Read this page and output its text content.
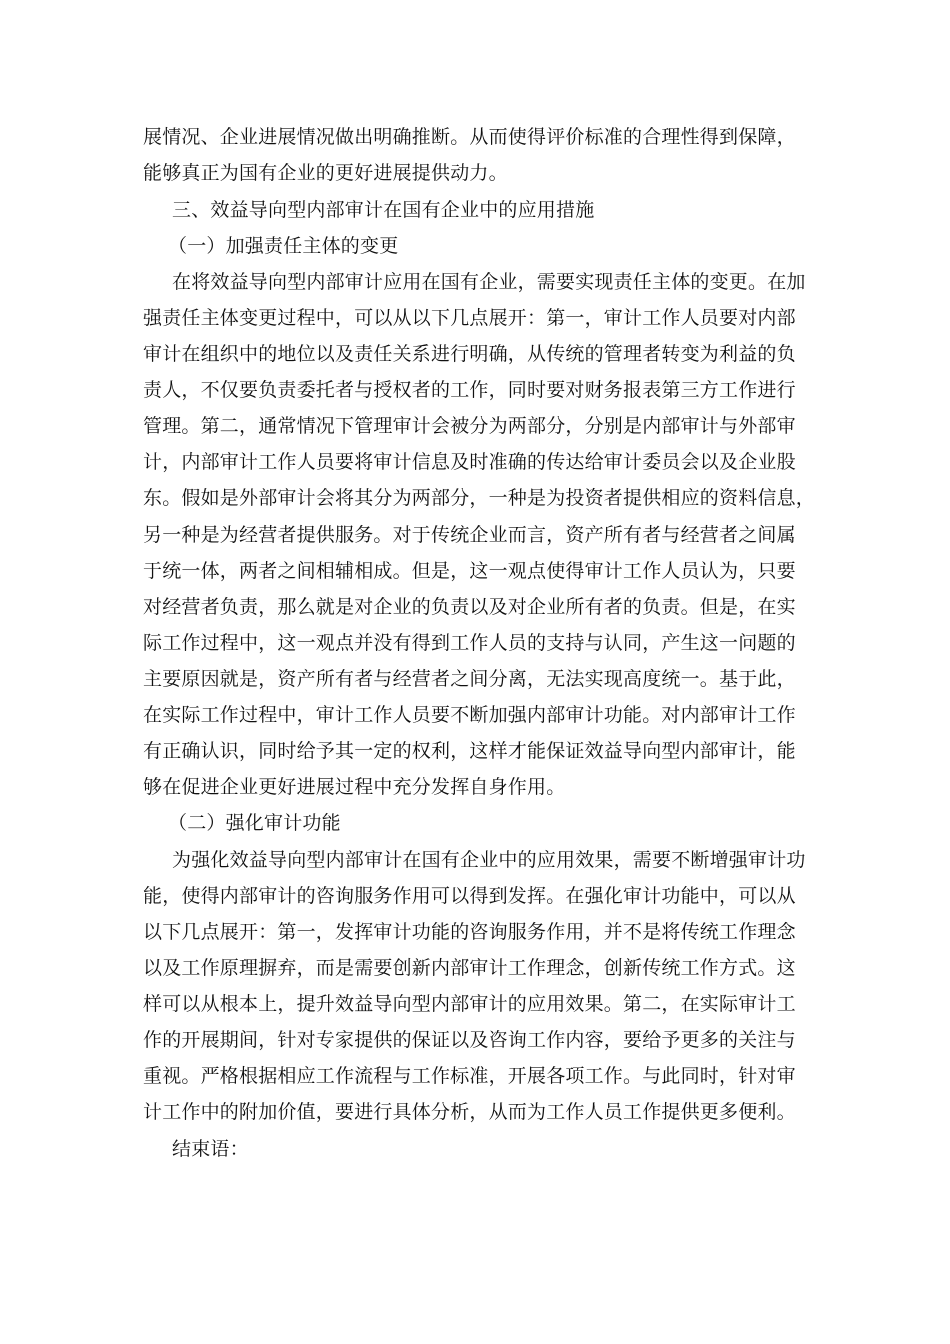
展情况、企业进展情况做出明确推断。从而使得评价标准的合理性得到保障，
能够真正为国有企业的更好进展提供动力。
三、效益导向型内部审计在国有企业中的应用措施
（一）加强责任主体的变更
在将效益导向型内部审计应用在国有企业，需要实现责任主体的变更。在加
强责任主体变更过程中，可以从以下几点展开：第一，审计工作人员要对内部
审计在组织中的地位以及责任关系进行明确，从传统的管理者转变为利益的负
责人，不仅要负责委托者与授权者的工作，同时要对财务报表第三方工作进行
管理。第二，通常情况下管理审计会被分为两部分，分别是内部审计与外部审
计，内部审计工作人员要将审计信息及时准确的传达给审计委员会以及企业股
东。假如是外部审计会将其分为两部分，一种是为投资者提供相应的资料信息，
另一种是为经营者提供服务。对于传统企业而言，资产所有者与经营者之间属
于统一体，两者之间相辅相成。但是，这一观点使得审计工作人员认为，只要
对经营者负责，那么就是对企业的负责以及对企业所有者的负责。但是，在实
际工作过程中，这一观点并没有得到工作人员的支持与认同，产生这一问题的
主要原因就是，资产所有者与经营者之间分离，无法实现高度统一。基于此，
在实际工作过程中，审计工作人员要不断加强内部审计功能。对内部审计工作
有正确认识，同时给予其一定的权利，这样才能保证效益导向型内部审计，能
够在促进企业更好进展过程中充分发挥自身作用。
（二）强化审计功能
为强化效益导向型内部审计在国有企业中的应用效果，需要不断增强审计功
能，使得内部审计的咨询服务作用可以得到发挥。在强化审计功能中，可以从
以下几点展开：第一，发挥审计功能的咨询服务作用，并不是将传统工作理念
以及工作原理摒弃，而是需要创新内部审计工作理念，创新传统工作方式。这
样可以从根本上，提升效益导向型内部审计的应用效果。第二，在实际审计工
作的开展期间，针对专家提供的保证以及咨询工作内容，要给予更多的关注与
重视。严格根据相应工作流程与工作标准，开展各项工作。与此同时，针对审
计工作中的附加价值，要进行具体分析，从而为工作人员工作提供更多便利。
结束语：
